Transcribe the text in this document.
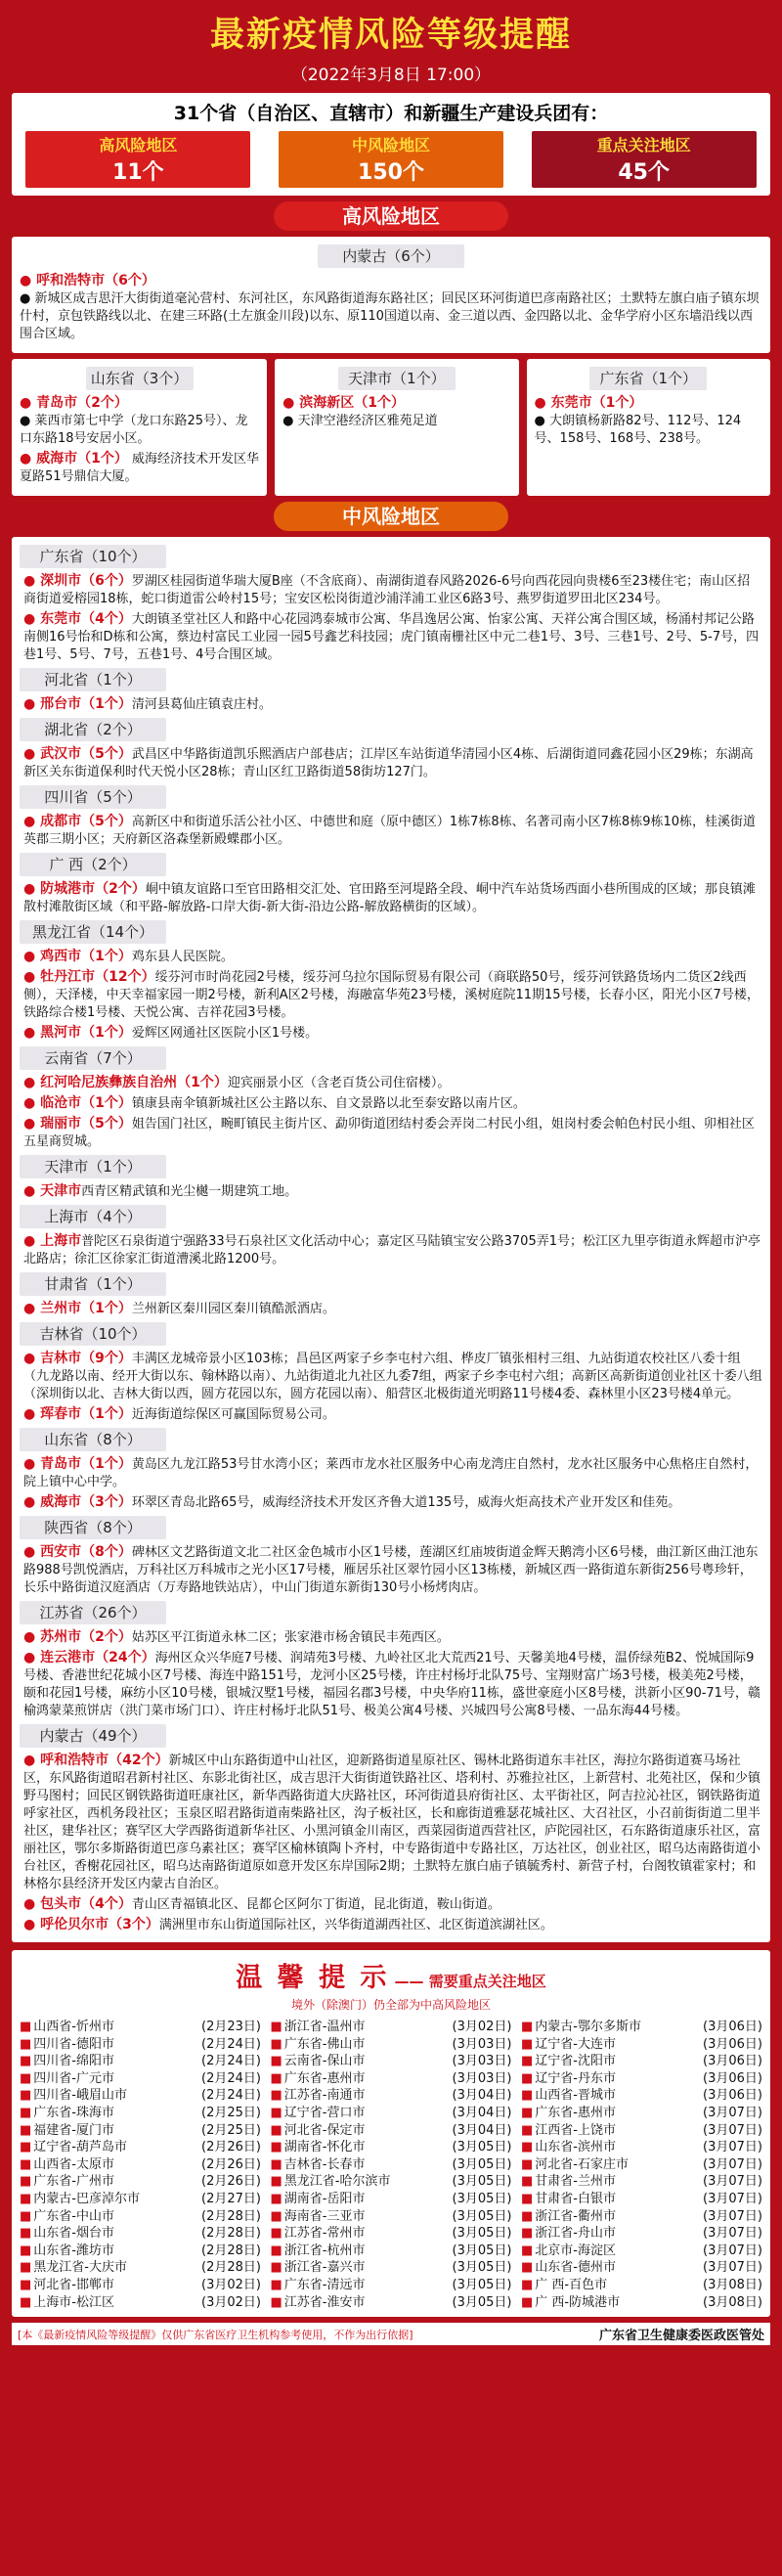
最新疫情风险等级提醒
（2022年3月8日 17:00）
31个省（自治区、直辖市）和新疆生产建设兵团有：
高风险地区
11个
中风险地区
150个
重点关注地区
45个
高风险地区
内蒙古（6个）
● 呼和浩特市（6个）
● 新城区成吉思汗大街街道毫沁营村、东河社区，东风路街道海东路社区；回民区环河街道巴彦南路社区；土默特左旗白庙子镇东坝什村，京包铁路线以北、在建三环路(土左旗金川段)以东、原110国道以南、金三道以西、金四路以北、金华学府小区东墙沿线以西围合区域。
山东省（3个）
● 青岛市（2个）
● 莱西市第七中学（龙口东路25号）、龙口东路18号安居小区。
● 威海市（1个） 威海经济技术开发区华夏路51号鼎信大厦。
天津市（1个）
● 滨海新区（1个）
● 天津空港经济区雅苑足道
广东省（1个）
● 东莞市（1个）
● 大朗镇杨新路82号、112号、124号、158号、168号、238号。
中风险地区
广东省（10个）
● 深圳市（6个）罗湖区桂园街道华瑞大厦B座（不含底商）、南湖街道春风路2026-6号向西花园向贵楼6至23楼住宅；南山区招商街道爱榕园18栋，蛇口街道雷公岭村15号；宝安区松岗街道沙浦洋浦工业区6路3号、燕罗街道罗田北区234号。
● 东莞市（4个）大朗镇圣堂社区人和路中心花园鸿泰城市公寓、华昌逸居公寓、怡家公寓、天祥公寓合围区域，杨涌村邦记公路南侧16号怡和D栋和公寓，蔡边村富民工业园一园5号鑫艺科技园；虎门镇南栅社区中元二巷1号、3号、三巷1号、2号、5-7号，四巷1号、5号、7号，五巷1号、4号合围区域。
河北省（1个）
● 邢台市（1个）清河县葛仙庄镇袁庄村。
湖北省（2个）
● 武汉市（5个）武昌区中华路街道凯乐熙酒店户部巷店；江岸区车站街道华清园小区4栋、后湖街道同鑫花园小区29栋；东湖高新区关东街道保利时代天悦小区28栋；青山区红卫路街道58街坊127门。
四川省（5个）
● 成都市（5个）高新区中和街道乐活公社小区、中德世和庭（原中德区）1栋7栋8栋、名著司南小区7栋8栋9栋10栋，桂溪街道英郡三期小区；天府新区洛森堡新殿蝶郡小区。
广 西（2个）
● 防城港市（2个）峒中镇友谊路口至官田路相交汇处、官田路至河堤路全段、峒中汽车站货场西面小巷所围成的区域；那良镇滩散村滩散街区域（和平路-解放路-口岸大街-新大街-沿边公路-解放路横街的区域）。
黑龙江省（14个）
● 鸡西市（1个）鸡东县人民医院。
● 牡丹江市（12个）绥芬河市时尚花园2号楼，绥芬河乌拉尔国际贸易有限公司（商联路50号，绥芬河铁路货场内二货区2线西侧），天泽楼，中天幸福家园一期2号楼，新利A区2号楼，海融富华苑23号楼，溪树庭院11期15号楼，长春小区，阳光小区7号楼，铁路综合楼1号楼、天悦公寓、吉祥花园3号楼。
● 黑河市（1个）爱辉区网通社区医院小区1号楼。
云南省（7个）
● 红河哈尼族彝族自治州（1个）迎宾丽景小区（含老百货公司住宿楼）。
● 临沧市（1个）镇康县南伞镇新城社区公主路以东、自文景路以北至泰安路以南片区。
● 瑞丽市（5个）姐告国门社区，畹町镇民主街片区、勐卯街道团结村委会弄岗二村民小组，姐岗村委会帕色村民小组、卯相社区五星商贸城。
天津市（1个）
● 天津市西青区精武镇和光尘樾一期建筑工地。
上海市（4个）
● 上海市普陀区石泉街道宁强路33号石泉社区文化活动中心；嘉定区马陆镇宝安公路3705弄1号；松江区九里亭街道永辉超市沪亭北路店；徐汇区徐家汇街道漕溪北路1200号。
甘肃省（1个）
● 兰州市（1个）兰州新区秦川园区秦川镇酷派酒店。
吉林省（10个）
● 吉林市（9个）丰满区龙城帝景小区103栋；昌邑区两家子乡李屯村六组、桦皮厂镇张相村三组、九站街道农校社区八委十组（九龙路以南、经开大街以东、翰林路以南）、九站街道北九社区九委7组，两家子乡李屯村六组；高新区高新街道创业社区十委八组（深圳街以北、吉林大街以西，圆方花园以东，圆方花园以南）、船营区北极街道光明路11号楼4委、森林里小区23号楼4单元。
● 珲春市（1个）近海街道综保区可赢国际贸易公司。
山东省（8个）
● 青岛市（1个）黄岛区九龙江路53号甘水湾小区；莱西市龙水社区服务中心南龙湾庄自然村，龙水社区服务中心焦格庄自然村，院上镇中心中学。
● 威海市（3个）环翠区青岛北路65号，威海经济技术开发区齐鲁大道135号，威海火炬高技术产业开发区和佳苑。
陕西省（8个）
● 西安市（8个）碑林区文艺路街道文北二社区金色城市小区1号楼，莲湖区红庙坡街道金辉天鹅湾小区6号楼，曲江新区曲江池东路988号凯悦酒店，万科社区万科城市之光小区17号楼，雁居乐社区翠竹园小区13栋楼，新城区西一路街道东新街256号粤珍轩，长乐中路街道汉庭酒店（万寿路地铁站店），中山门街道东新街130号小杨烤肉店。
江苏省（26个）
● 苏州市（2个）姑苏区平江街道永林二区；张家港市杨舍镇民丰苑西区。
● 连云港市（24个）海州区众兴华庭7号楼、润靖苑3号楼、九岭社区北大荒西21号、天馨美地4号楼，温侨绿苑B2、悦城国际9号楼、香港世纪花城小区7号楼、海连中路151号，龙河小区25号楼，许庄村杨圩北队75号、宝翔财富广场3号楼，极美苑2号楼，颐和花园1号楼，麻纺小区10号楼，银城汉墅1号楼，福园名郡3号楼，中央华府11栋，盛世豪庭小区8号楼，洪新小区90-71号，赣榆鸿蒙菜煎饼店（洪门菜市场门口）、许庄村杨圩北队51号、极美公寓4号楼、兴城四号公寓8号楼、一品东海44号楼。
内蒙古（49个）
● 呼和浩特市（42个）新城区中山东路街道中山社区，迎新路街道星原社区、锡林北路街道东丰社区，海拉尔路街道赛马场社区，东风路街道昭君新村社区、东影北街社区，成吉思汗大街街道铁路社区、塔利村、苏雅拉社区，上新营村、北苑社区，保和少镇野马图村；回民区钢铁路街道旺康社区，新华西路街道大庆路社区，环河街道县府街社区、太平街社区，阿吉拉沁社区，钢铁路街道呼家社区，西机务段社区；玉泉区昭君路街道南柴路社区，沟子板社区，长和廊街道雅瑟花城社区、大召社区，小召前街街道二里半社区，建华社区；赛罕区大学西路街道新华社区、小黑河镇金川南区，西菜园街道西营社区，庐陀园社区，石东路街道康乐社区，富丽社区，鄂尔多斯路街道巴彦乌素社区；赛罕区榆林镇陶卜齐村，中专路街道中专路社区，万达社区，创业社区，昭乌达南路街道小台社区，香榭花园社区，昭乌达南路街道原如意开发区东岸国际2期；土默特左旗白庙子镇毓秀村、新营子村，台阁牧镇霍家村；和林格尔县经济开发区内蒙古自治区。
● 包头市（4个）青山区青福镇北区、昆都仑区阿尔丁街道，昆北街道，鞍山街道。
● 呼伦贝尔市（3个）满洲里市东山街道国际社区，兴华街道湖西社区、北区街道滨湖社区。
温 馨 提 示 —— 需要重点关注地区
境外（除澳门）仍全部为中高风险地区
■ 山西省-忻州市	(2月23日)
■ 四川省-德阳市	(2月24日)
■ 四川省-绵阳市	(2月24日)
■ 四川省-广元市	(2月24日)
■ 四川省-峨眉山市	(2月24日)
■ 广东省-珠海市	(2月25日)
■ 福建省-厦门市	(2月25日)
■ 辽宁省-葫芦岛市	(2月26日)
■ 山西省-太原市	(2月26日)
■ 广东省-广州市	(2月26日)
■ 内蒙古-巴彦淖尔市	(2月27日)
■ 广东省-中山市	(2月28日)
■ 山东省-烟台市	(2月28日)
■ 山东省-潍坊市	(2月28日)
■ 黑龙江省-大庆市	(2月28日)
■ 河北省-邯郸市	(3月02日)
■ 上海市-松江区	(3月02日)
■ 浙江省-温州市	(3月02日)
■ 广东省-佛山市	(3月03日)
■ 云南省-保山市	(3月03日)
■ 广东省-惠州市	(3月03日)
■ 江苏省-南通市	(3月04日)
■ 辽宁省-营口市	(3月04日)
■ 河北省-保定市	(3月04日)
■ 湖南省-怀化市	(3月05日)
■ 吉林省-长春市	(3月05日)
■ 黑龙江省-哈尔滨市	(3月05日)
■ 湖南省-岳阳市	(3月05日)
■ 海南省-三亚市	(3月05日)
■ 江苏省-常州市	(3月05日)
■ 浙江省-杭州市	(3月05日)
■ 浙江省-嘉兴市	(3月05日)
■ 广东省-清远市	(3月05日)
■ 江苏省-淮安市	(3月05日)
■ 内蒙古-鄂尔多斯市	(3月06日)
■ 辽宁省-大连市	(3月06日)
■ 辽宁省-沈阳市	(3月06日)
■ 辽宁省-丹东市	(3月06日)
■ 山西省-晋城市	(3月06日)
■ 广东省-惠州市	(3月07日)
■ 江西省-上饶市	(3月07日)
■ 山东省-滨州市	(3月07日)
■ 河北省-石家庄市	(3月07日)
■ 甘肃省-兰州市	(3月07日)
■ 甘肃省-白银市	(3月07日)
■ 浙江省-衢州市	(3月07日)
■ 浙江省-舟山市	(3月07日)
■ 北京市-海淀区	(3月07日)
■ 山东省-德州市	(3月07日)
■ 广 西-百色市	(3月08日)
■ 广 西-防城港市	(3月08日)
[本《最新疫情风险等级提醒》仅供广东省医疗卫生机构参考使用，不作为出行依据]	广东省卫生健康委医政医管处
